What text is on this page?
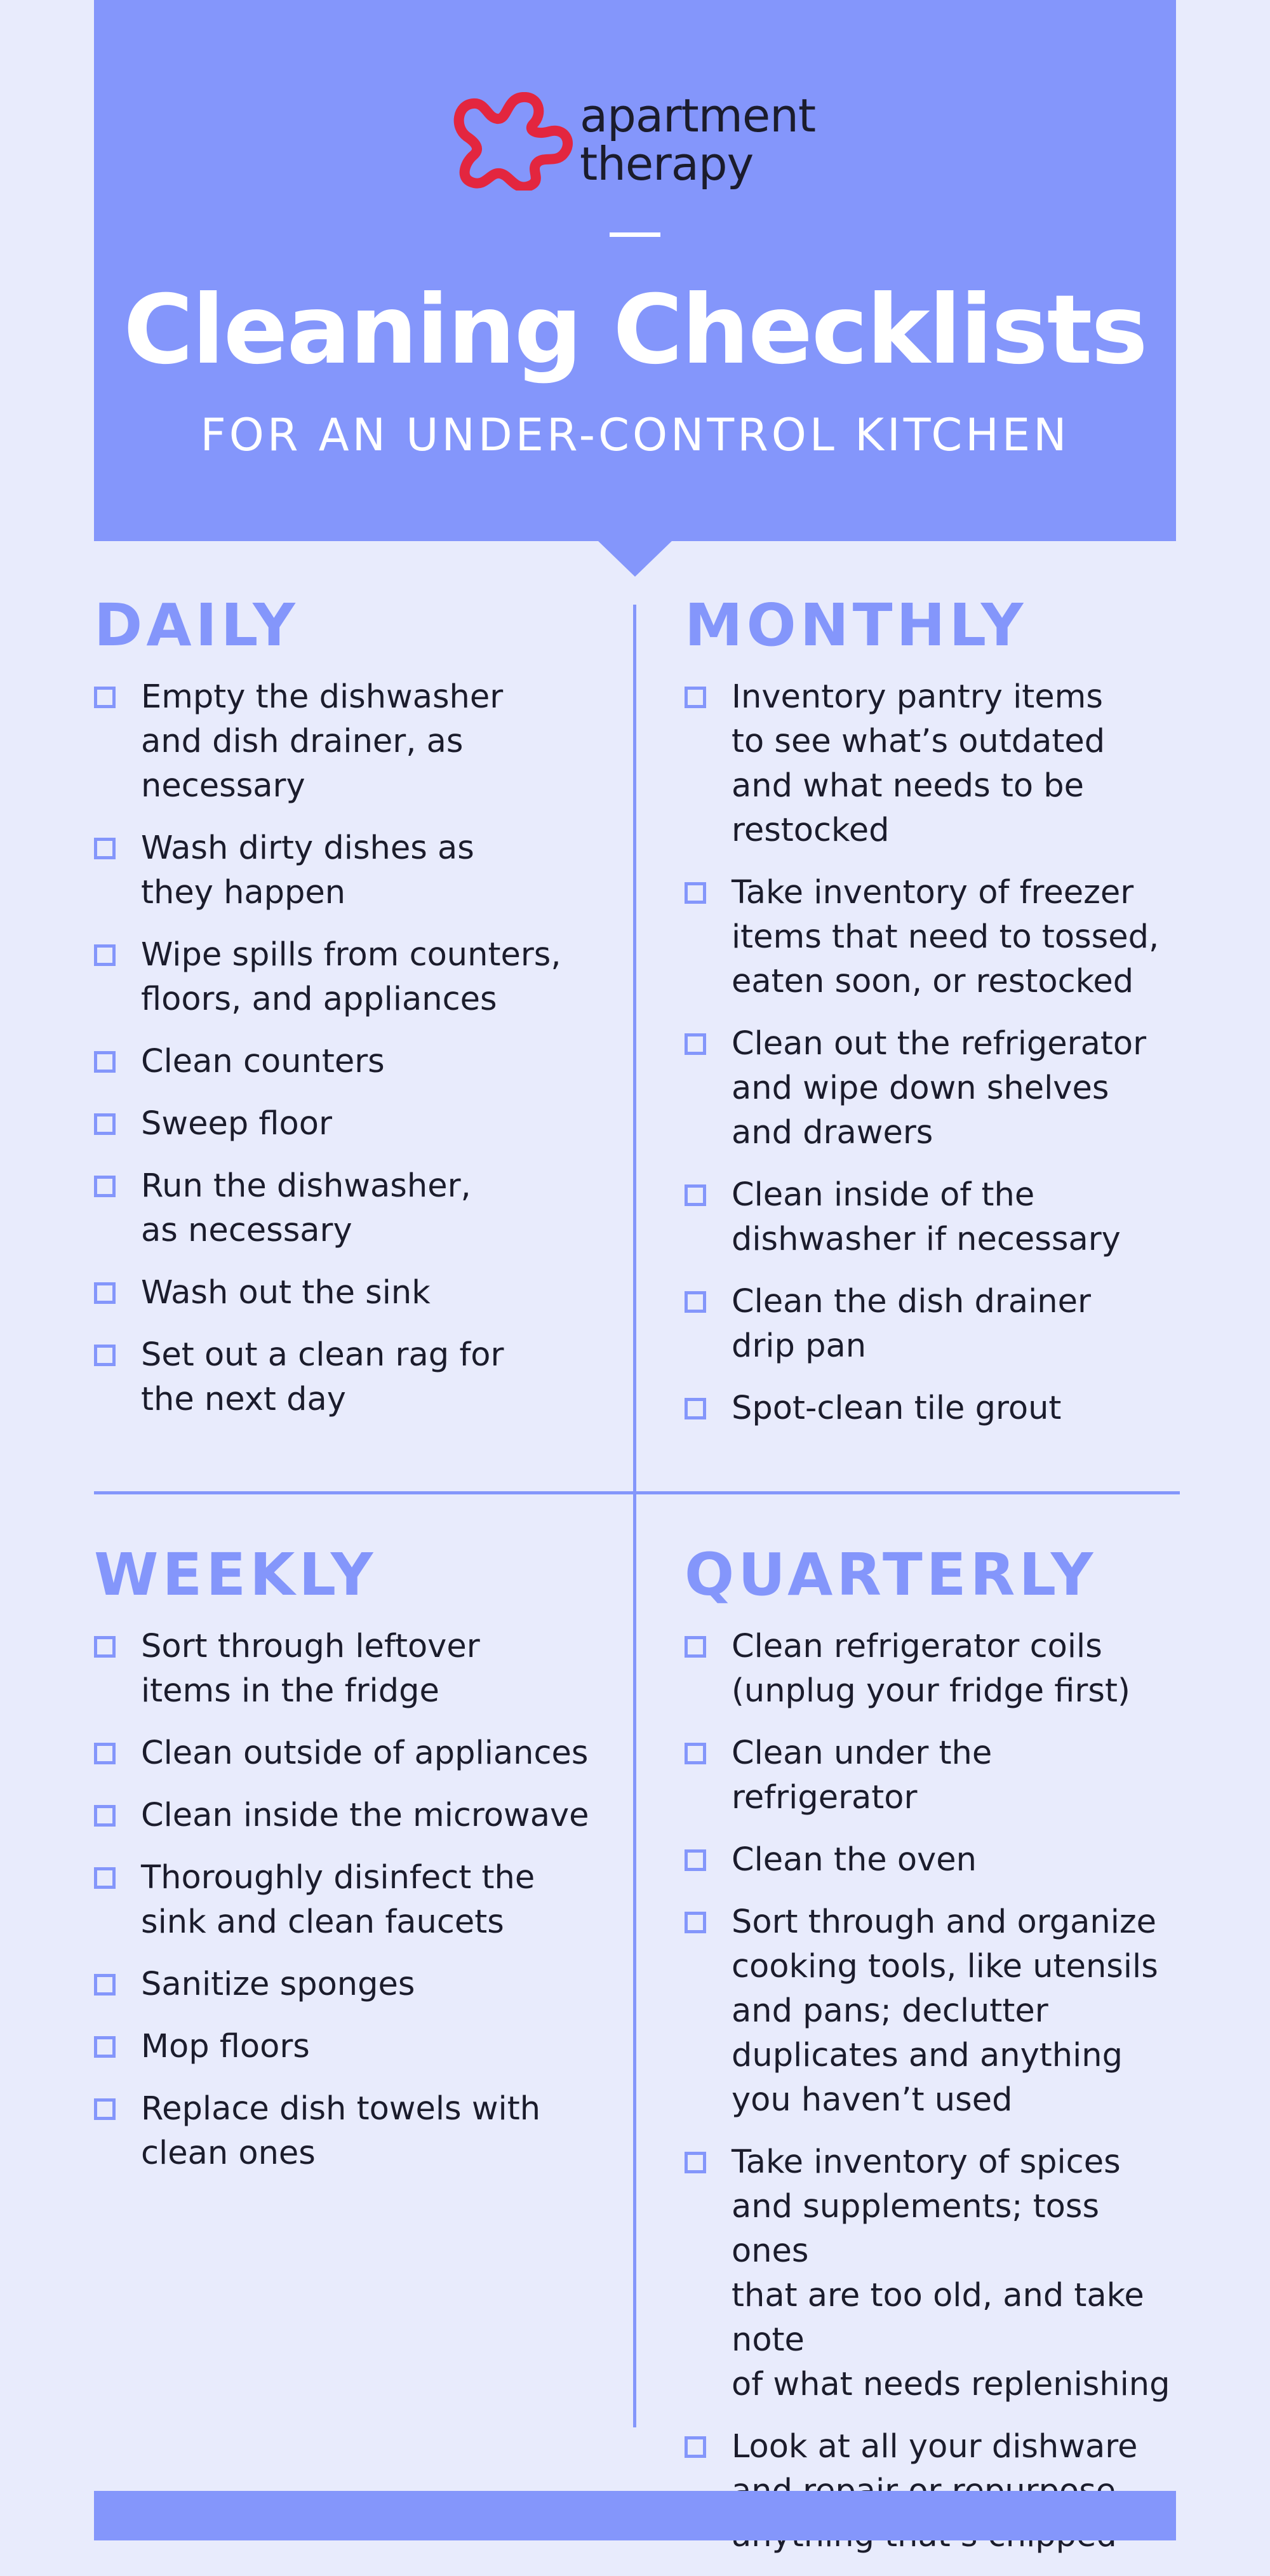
apartment
therapy
Cleaning Checklists
FOR AN UNDER-CONTROL KITCHEN
DAILY
Empty the dishwasher
and dish drainer, as
necessary
Wash dirty dishes as
they happen
Wipe spills from counters,
floors, and appliances
Clean counters
Sweep floor
Run the dishwasher,
as necessary
Wash out the sink
Set out a clean rag for
the next day
MONTHLY
Inventory pantry items
to see what’s outdated
and what needs to be
restocked
Take inventory of freezer
items that need to tossed,
eaten soon, or restocked
Clean out the refrigerator
and wipe down shelves
and drawers
Clean inside of the
dishwasher if necessary
Clean the dish drainer
drip pan
Spot-clean tile grout
WEEKLY
Sort through leftover
items in the fridge
Clean outside of appliances
Clean inside the microwave
Thoroughly disinfect the
sink and clean faucets
Sanitize sponges
Mop floors
Replace dish towels with
clean ones
QUARTERLY
Clean refrigerator coils
(unplug your fridge first)
Clean under the refrigerator
Clean the oven
Sort through and organize
cooking tools, like utensils
and pans; declutter
duplicates and anything
you haven’t used
Take inventory of spices
and supplements; toss ones
that are too old, and take note
of what needs replenishing
Look at all your dishware
